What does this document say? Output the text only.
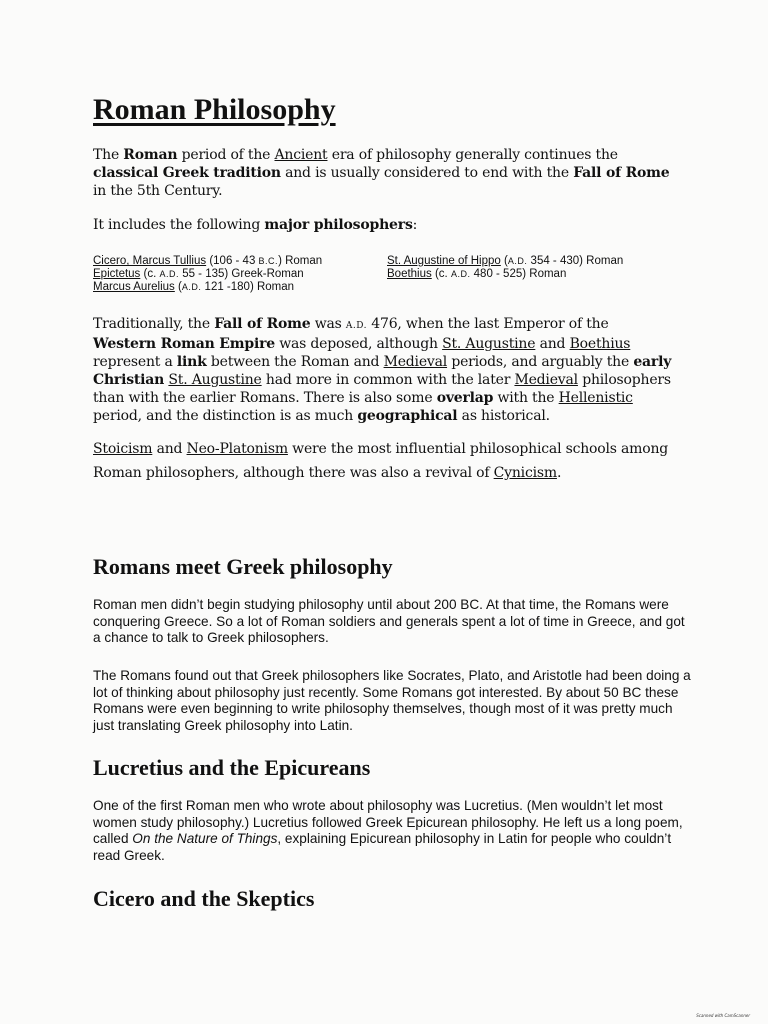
Roman Philosophy

The Roman period of the Ancient era of philosophy generally continues the classical Greek tradition and is usually considered to end with the Fall of Rome in the 5th Century.

It includes the following major philosophers:

Cicero, Marcus Tullius (106 - 43 B.C.) Roman
Epictetus (c. A.D. 55 - 135) Greek-Roman
Marcus Aurelius (A.D. 121 -180) Roman
St. Augustine of Hippo (A.D. 354 - 430) Roman
Boethius (c. A.D. 480 - 525) Roman

Traditionally, the Fall of Rome was A.D. 476, when the last Emperor of the Western Roman Empire was deposed, although St. Augustine and Boethius represent a link between the Roman and Medieval periods, and arguably the early Christian St. Augustine had more in common with the later Medieval philosophers than with the earlier Romans. There is also some overlap with the Hellenistic period, and the distinction is as much geographical as historical.

Stoicism and Neo-Platonism were the most influential philosophical schools among Roman philosophers, although there was also a revival of Cynicism.

Romans meet Greek philosophy

Roman men didn’t begin studying philosophy until about 200 BC. At that time, the Romans were conquering Greece. So a lot of Roman soldiers and generals spent a lot of time in Greece, and got a chance to talk to Greek philosophers.

The Romans found out that Greek philosophers like Socrates, Plato, and Aristotle had been doing a lot of thinking about philosophy just recently. Some Romans got interested. By about 50 BC these Romans were even beginning to write philosophy themselves, though most of it was pretty much just translating Greek philosophy into Latin.

Lucretius and the Epicureans

One of the first Roman men who wrote about philosophy was Lucretius. (Men wouldn’t let most women study philosophy.) Lucretius followed Greek Epicurean philosophy. He left us a long poem, called On the Nature of Things, explaining Epicurean philosophy in Latin for people who couldn’t read Greek.

Cicero and the Skeptics
Scanned with CamScanner
